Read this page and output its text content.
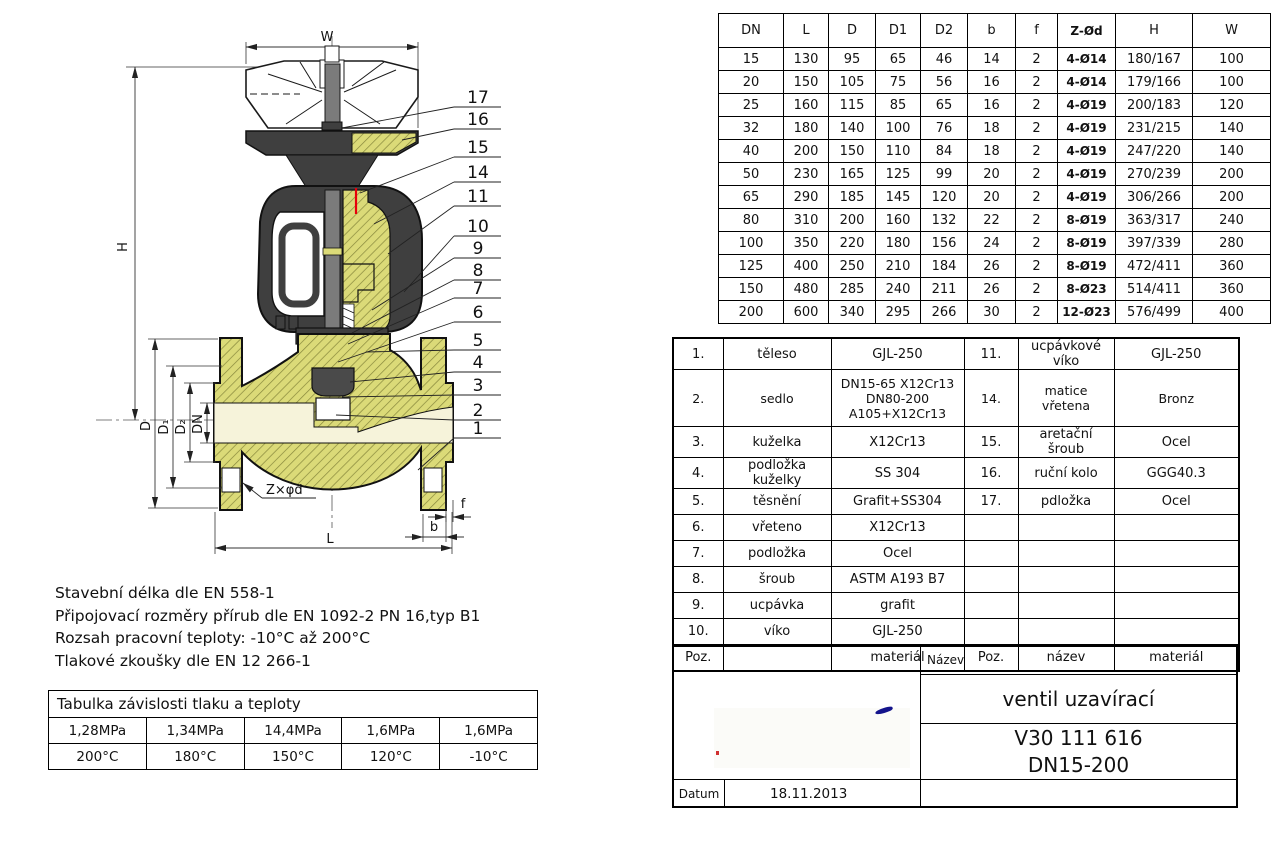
W
H
D D₁ D₂ DN
L
b
f
Z×φd
17
16
15
14
11
10
9
8
7
6
5
4
3
2
1
Stavební délka dle EN 558-1
Připojovací rozměry přírub dle EN 1092-2 PN 16,typ B1
Rozsah pracovní teploty: -10°C až 200°C
Tlakové zkoušky dle EN 12 266-1
Tabulka závislosti tlaku a teploty				
1,28MPa	1,34MPa	14,4MPa	1,6MPa	1,6MPa
200°C	180°C	150°C	120°C	-10°C
DN	L	D	D1	D2	b	f	Z-Ød	H	W
15	130	95	65	46	14	2	4-Ø14	180/167	100
20	150	105	75	56	16	2	4-Ø14	179/166	100
25	160	115	85	65	16	2	4-Ø19	200/183	120
32	180	140	100	76	18	2	4-Ø19	231/215	140
40	200	150	110	84	18	2	4-Ø19	247/220	140
50	230	165	125	99	20	2	4-Ø19	270/239	200
65	290	185	145	120	20	2	4-Ø19	306/266	200
80	310	200	160	132	22	2	8-Ø19	363/317	240
100	350	220	180	156	24	2	8-Ø19	397/339	280
125	400	250	210	184	26	2	8-Ø19	472/411	360
150	480	285	240	211	26	2	8-Ø23	514/411	360
200	600	340	295	266	30	2	12-Ø23	576/499	400
1.	těleso	GJL-250	11.	ucpávkové víko	GJL-250
2.	sedlo	DN15-65 X12Cr13
DN80-200
A105+X12Cr13	14.	matice vřetena	Bronz
3.	kuželka	X12Cr13	15.	aretační šroub	Ocel
4.	podložka kuželky	SS 304	16.	ruční kolo	GGG40.3
5.	těsnění	Grafit+SS304	17.	pdložka	Ocel
6.	vřeteno	X12Cr13			
7.	podložka	Ocel			
8.	šroub	ASTM A193 B7			
9.	ucpávka	grafit			
10.	víko	GJL-250			
Poz.		materiál	Poz.	název	materiál
Datum	18.11.2013
Název
ventil uzavírací
V30 111 616
DN15-200
